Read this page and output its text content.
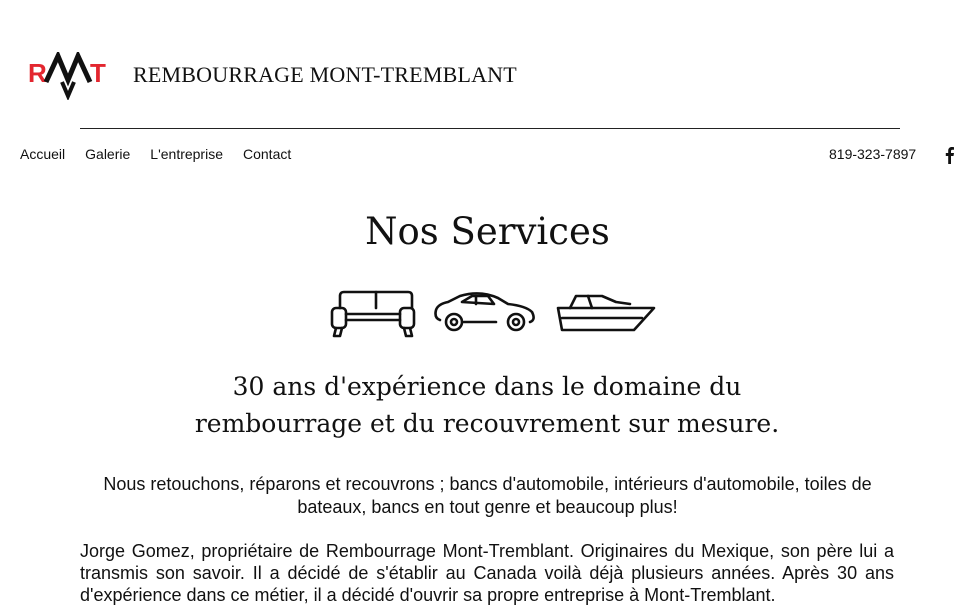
R T REMBOURRAGE MONT-TREMBLANT
Accueil Galerie L'entreprise Contact	819-323-7897
Nos Services
30 ans d'expérience dans le domaine du
rembourrage et du recouvrement sur mesure.
Nous retouchons, réparons et recouvrons ; bancs d'automobile, intérieurs d'automobile, toiles de bateaux, bancs en tout genre et beaucoup plus!
Jorge Gomez, propriétaire de Rembourrage Mont-Tremblant. Originaires du Mexique, son père lui a transmis son savoir. Il a décidé de s'établir au Canada voilà déjà plusieurs années. Après 30 ans d'expérience dans ce métier, il a décidé d'ouvrir sa propre entreprise à Mont-Tremblant.
